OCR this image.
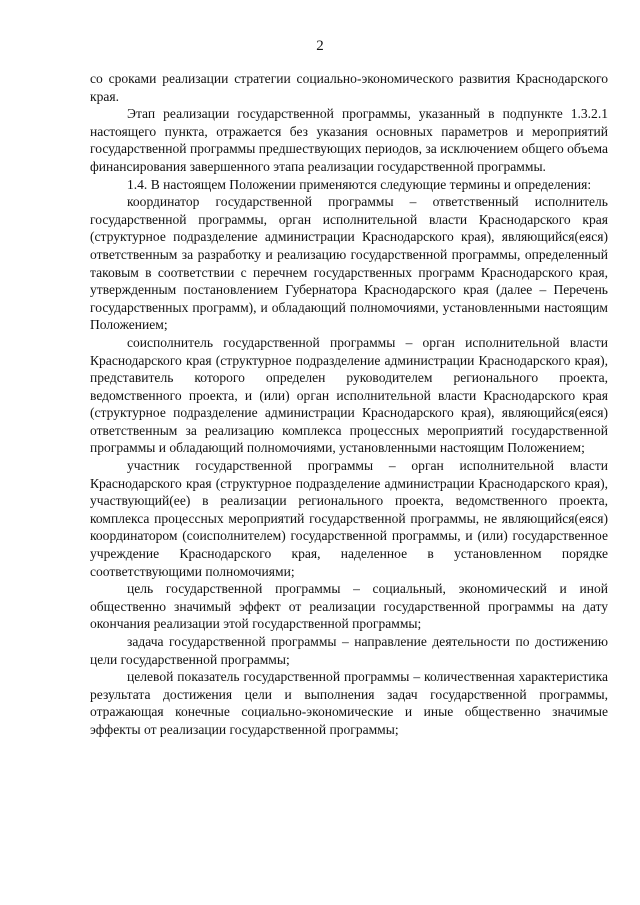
2

со сроками реализации стратегии социально-экономического развития Краснодарского края.

Этап реализации государственной программы, указанный в подпункте 1.3.2.1 настоящего пункта, отражается без указания основных параметров и мероприятий государственной программы предшествующих периодов, за исключением общего объема финансирования завершенного этапа реализации государственной программы.

1.4. В настоящем Положении применяются следующие термины и определения:

координатор государственной программы – ответственный исполнитель государственной программы, орган исполнительной власти Краснодарского края (структурное подразделение администрации Краснодарского края), являющийся(еяся) ответственным за разработку и реализацию государственной программы, определенный таковым в соответствии с перечнем государственных программ Краснодарского края, утвержденным постановлением Губернатора Краснодарского края (далее – Перечень государственных программ), и обладающий полномочиями, установленными настоящим Положением;

соисполнитель государственной программы – орган исполнительной власти Краснодарского края (структурное подразделение администрации Краснодарского края), представитель которого определен руководителем регионального проекта, ведомственного проекта, и (или) орган исполнительной власти Краснодарского края (структурное подразделение администрации Краснодарского края), являющийся(еяся) ответственным за реализацию комплекса процессных мероприятий государственной программы и обладающий полномочиями, установленными настоящим Положением;

участник государственной программы – орган исполнительной власти Краснодарского края (структурное подразделение администрации Краснодарского края), участвующий(ее) в реализации регионального проекта, ведомственного проекта, комплекса процессных мероприятий государственной программы, не являющийся(еяся) координатором (соисполнителем) государственной программы, и (или) государственное учреждение Краснодарского края, наделенное в установленном порядке соответствующими полномочиями;

цель государственной программы – социальный, экономический и иной общественно значимый эффект от реализации государственной программы на дату окончания реализации этой государственной программы;

задача государственной программы – направление деятельности по достижению цели государственной программы;

целевой показатель государственной программы – количественная характеристика результата достижения цели и выполнения задач государственной программы, отражающая конечные социально-экономические и иные общественно значимые эффекты от реализации государственной программы;
